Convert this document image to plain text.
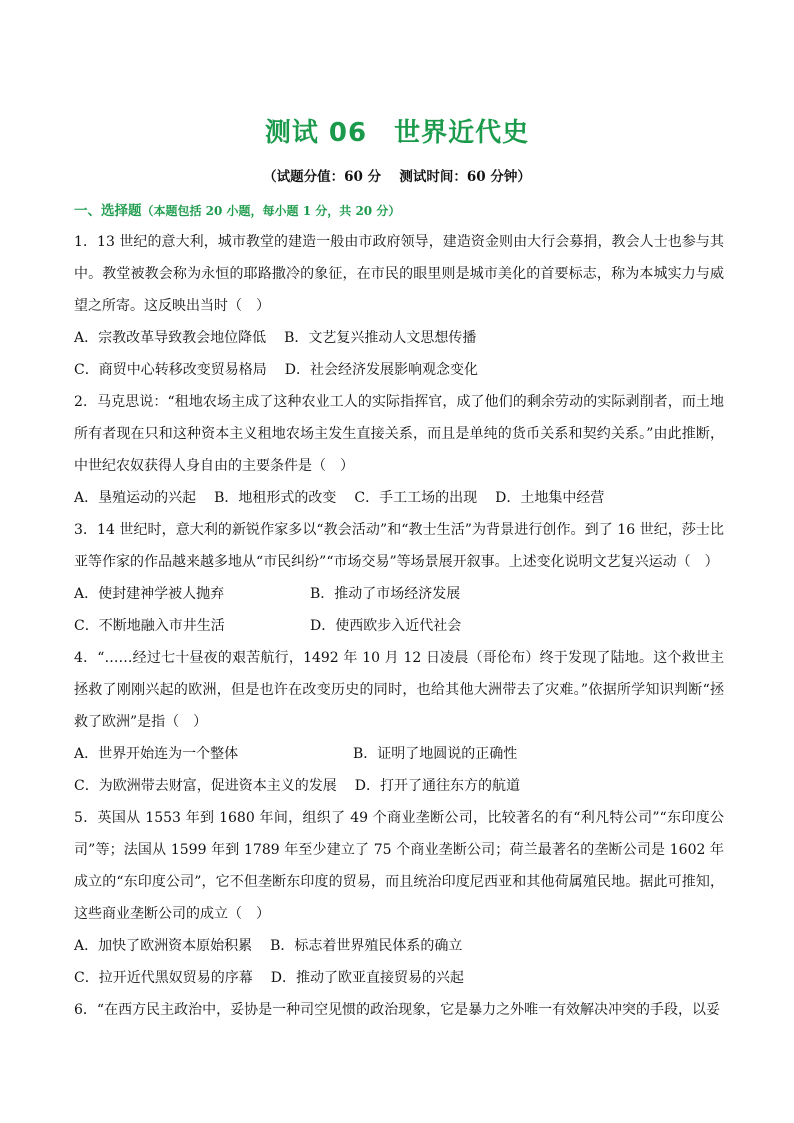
测试 06　世界近代史
（试题分值：60 分　 测试时间：60 分钟）
一、选择题（本题包括 20 小题，每小题 1 分，共 20 分）
1．13 世纪的意大利，城市教堂的建造一般由市政府领导，建造资金则由大行会募捐，教会人士也参与其中。教堂被教会称为永恒的耶路撒冷的象征，在市民的眼里则是城市美化的首要标志，称为本城实力与威望之所寄。这反映出当时（　）
A．宗教改革导致教会地位降低 B．文艺复兴推动人文思想传播
C．商贸中心转移改变贸易格局 D．社会经济发展影响观念变化
2．马克思说：“租地农场主成了这种农业工人的实际指挥官，成了他们的剩余劳动的实际剥削者，而土地所有者现在只和这种资本主义租地农场主发生直接关系，而且是单纯的货币关系和契约关系。”由此推断，中世纪农奴获得人身自由的主要条件是（　）
A．垦殖运动的兴起 B．地租形式的改变 C．手工工场的出现 D．土地集中经营
3．14 世纪时，意大利的新锐作家多以“教会活动”和“教士生活”为背景进行创作。到了 16 世纪，莎士比亚等作家的作品越来越多地从“市民纠纷”“市场交易”等场景展开叙事。上述变化说明文艺复兴运动（　）
A．使封建神学被人抛弃	B．推动了市场经济发展
C．不断地融入市井生活	D．使西欧步入近代社会
4．“……经过七十昼夜的艰苦航行，1492 年 10 月 12 日凌晨（哥伦布）终于发现了陆地。这个救世主拯救了刚刚兴起的欧洲，但是也许在改变历史的同时，也给其他大洲带去了灾难。”依据所学知识判断“拯救了欧洲”是指（　）
A．世界开始连为一个整体	B．证明了地圆说的正确性
C．为欧洲带去财富，促进资本主义的发展 D．打开了通往东方的航道
5．英国从 1553 年到 1680 年间，组织了 49 个商业垄断公司，比较著名的有“利凡特公司”“东印度公司”等；法国从 1599 年到 1789 年至少建立了 75 个商业垄断公司；荷兰最著名的垄断公司是 1602 年成立的“东印度公司”，它不但垄断东印度的贸易，而且统治印度尼西亚和其他荷属殖民地。据此可推知，这些商业垄断公司的成立（　）
A．加快了欧洲资本原始积累 B．标志着世界殖民体系的确立
C．拉开近代黑奴贸易的序幕 D．推动了欧亚直接贸易的兴起
6．“在西方民主政治中，妥协是一种司空见惯的政治现象，它是暴力之外唯一有效解决冲突的手段，以妥
